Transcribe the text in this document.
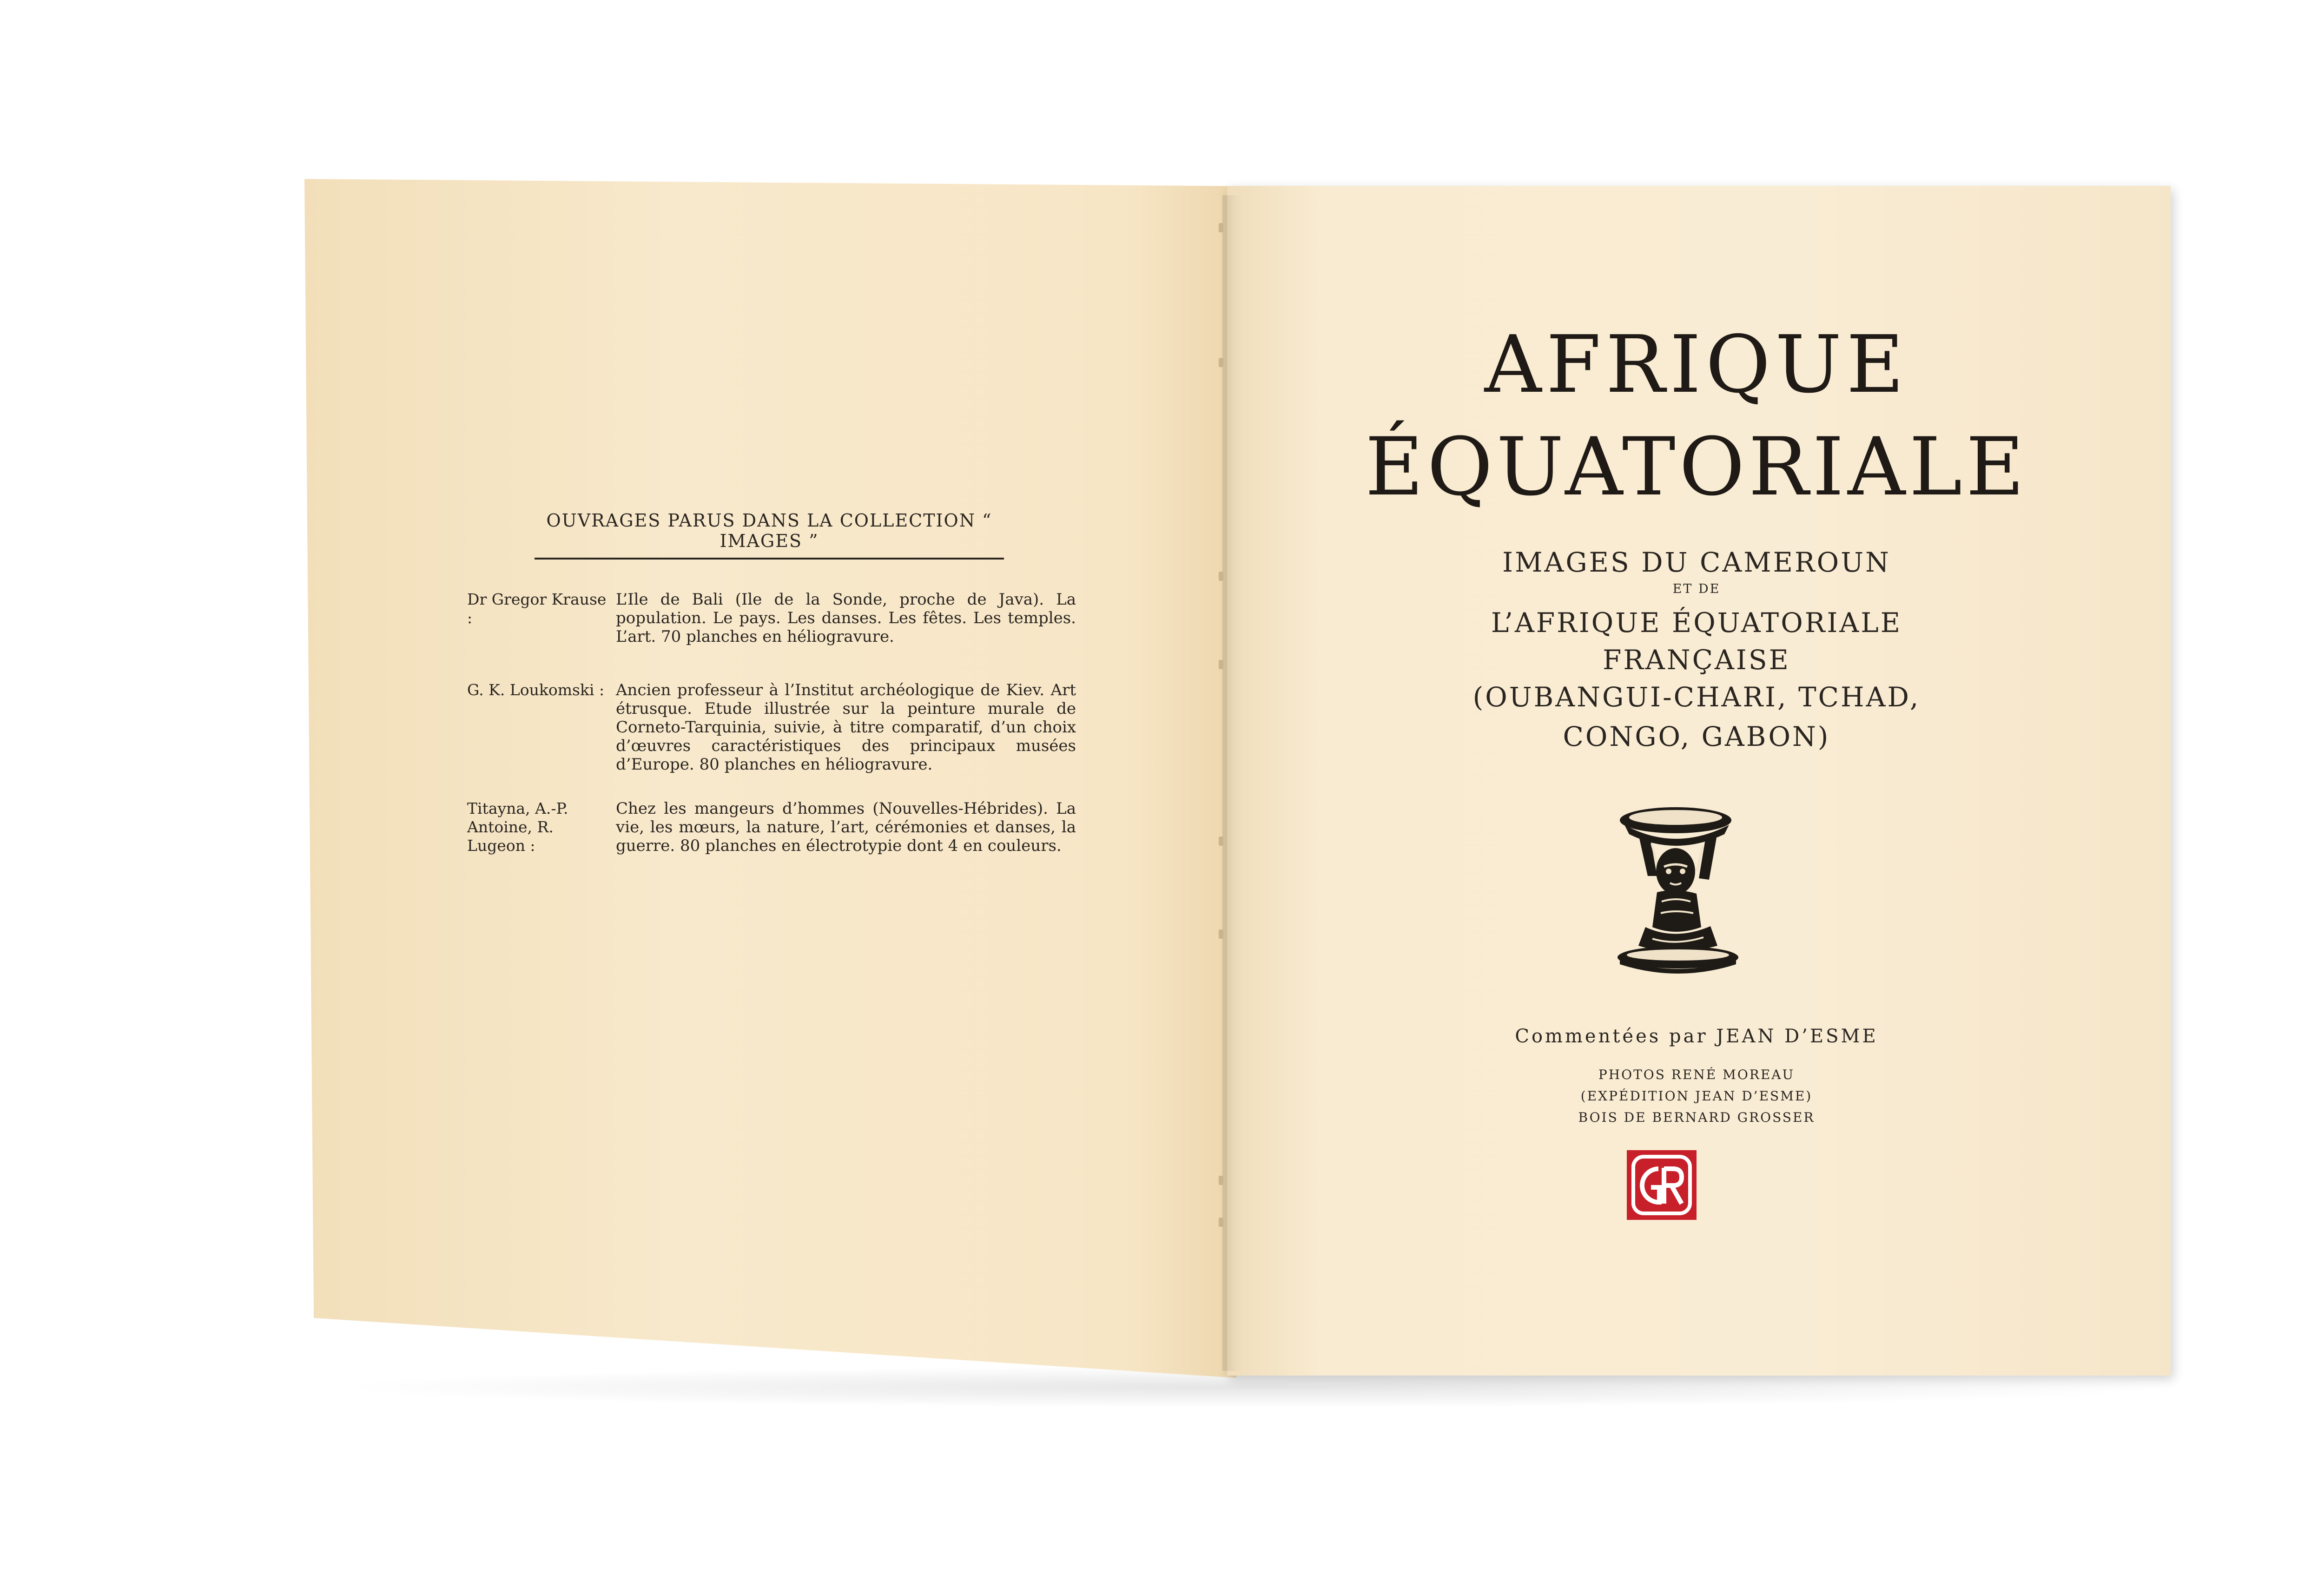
OUVRAGES PARUS DANS LA COLLECTION “ IMAGES ”
Dr Gregor Krause :
L’Ile de Bali (Ile de la Sonde, proche de Java). La population. Le pays. Les danses. Les fêtes. Les temples. L’art. 70 planches en héliogravure.
G. K. Loukomski : Ancien professeur à l’Institut archéologique de Kiev. Art étrusque. Etude illustrée sur la peinture murale de Corneto-Tarquinia, suivie, à titre comparatif, d’un choix d’œuvres caractéristiques des principaux musées d’Europe. 80 planches en héliogravure.
Titayna, A.-P. Antoine, R. Lugeon :
Chez les mangeurs d’hommes (Nouvelles-Hébrides). La vie, les mœurs, la nature, l’art, cérémonies et danses, la guerre. 80 planches en électrotypie dont 4 en couleurs.
AFRIQUE
ÉQUATORIALE
IMAGES DU CAMEROUN
ET DE
L’AFRIQUE ÉQUATORIALE
FRANÇAISE
(OUBANGUI-CHARI, TCHAD,
CONGO, GABON)
Commentées par JEAN D’ESME
PHOTOS RENÉ MOREAU
(EXPÉDITION JEAN D’ESME)
BOIS DE BERNARD GROSSER
